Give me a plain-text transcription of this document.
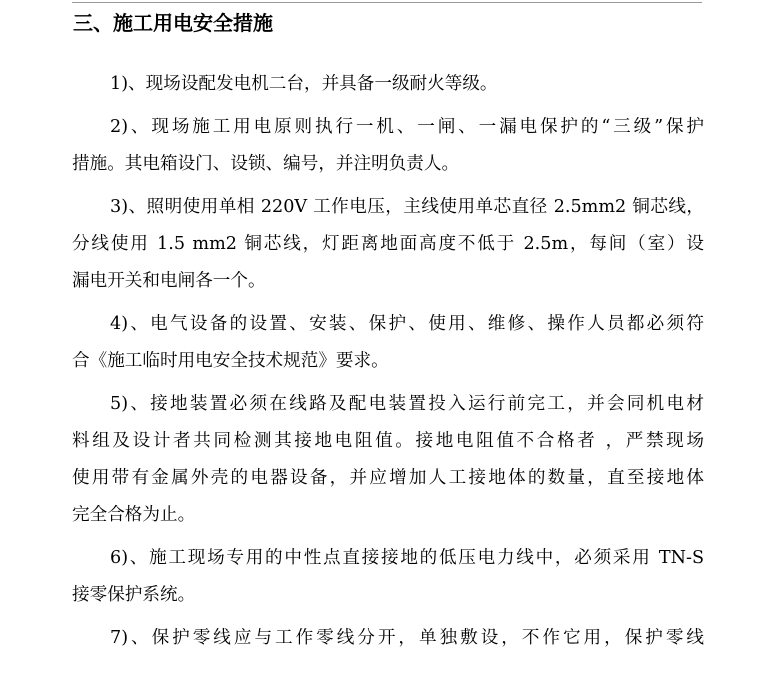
三、施工用电安全措施

1)、现场设配发电机二台，并具备一级耐火等级。

2)、现场施工用电原则执行一机、一闸、一漏电保护的“三级”保护
措施。其电箱设门、设锁、编号，并注明负责人。

3)、照明使用单相 220V 工作电压，主线使用单芯直径 2.5mm2 铜芯线，
分线使用 1.5 mm2 铜芯线，灯距离地面高度不低于 2.5m，每间（室）设
漏电开关和电闸各一个。

4)、电气设备的设置、安装、保护、使用、维修、操作人员都必须符
合《施工临时用电安全技术规范》要求。

5)、接地装置必须在线路及配电装置投入运行前完工，并会同机电材
料组及设计者共同检测其接地电阻值。接地电阻值不合格者 ，严禁现场
使用带有金属外壳的电器设备，并应增加人工接地体的数量，直至接地体
完全合格为止。

6)、施工现场专用的中性点直接接地的低压电力线中，必须采用 TN-S
接零保护系统。

7)、保护零线应与工作零线分开，单独敷设，不作它用，保护零线
